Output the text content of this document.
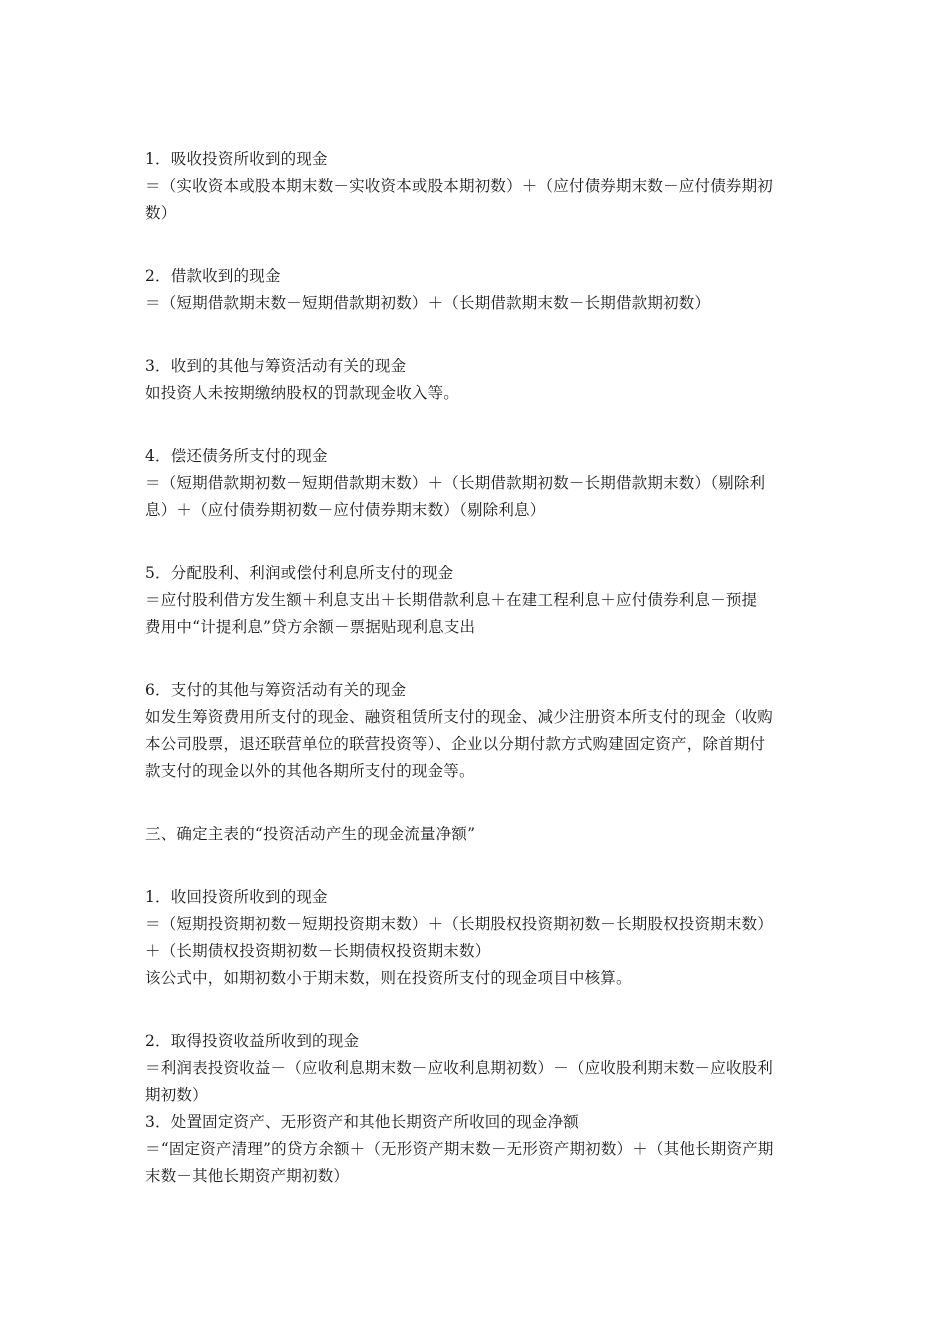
1．吸收投资所收到的现金
＝（实收资本或股本期末数－实收资本或股本期初数）＋（应付债券期末数－应付债券期初
数）
2．借款收到的现金
＝（短期借款期末数－短期借款期初数）＋（长期借款期末数－长期借款期初数）
3．收到的其他与筹资活动有关的现金
如投资人未按期缴纳股权的罚款现金收入等。
4．偿还债务所支付的现金
＝（短期借款期初数－短期借款期末数）＋（长期借款期初数－长期借款期末数）（剔除利
息）＋（应付债券期初数－应付债券期末数）（剔除利息）
5．分配股利、利润或偿付利息所支付的现金
＝应付股利借方发生额＋利息支出＋长期借款利息＋在建工程利息＋应付债券利息－预提
费用中“计提利息”贷方余额－票据贴现利息支出
6．支付的其他与筹资活动有关的现金
如发生筹资费用所支付的现金、融资租赁所支付的现金、减少注册资本所支付的现金（收购
本公司股票，退还联营单位的联营投资等）、企业以分期付款方式购建固定资产，除首期付
款支付的现金以外的其他各期所支付的现金等。
三、确定主表的“投资活动产生的现金流量净额”
1．收回投资所收到的现金
＝（短期投资期初数－短期投资期末数）＋（长期股权投资期初数－长期股权投资期末数）
＋（长期债权投资期初数－长期债权投资期末数）
该公式中，如期初数小于期末数，则在投资所支付的现金项目中核算。
2．取得投资收益所收到的现金
＝利润表投资收益－（应收利息期末数－应收利息期初数）－（应收股利期末数－应收股利
期初数）
3．处置固定资产、无形资产和其他长期资产所收回的现金净额
＝“固定资产清理”的贷方余额＋（无形资产期末数－无形资产期初数）＋（其他长期资产期
末数－其他长期资产期初数）
